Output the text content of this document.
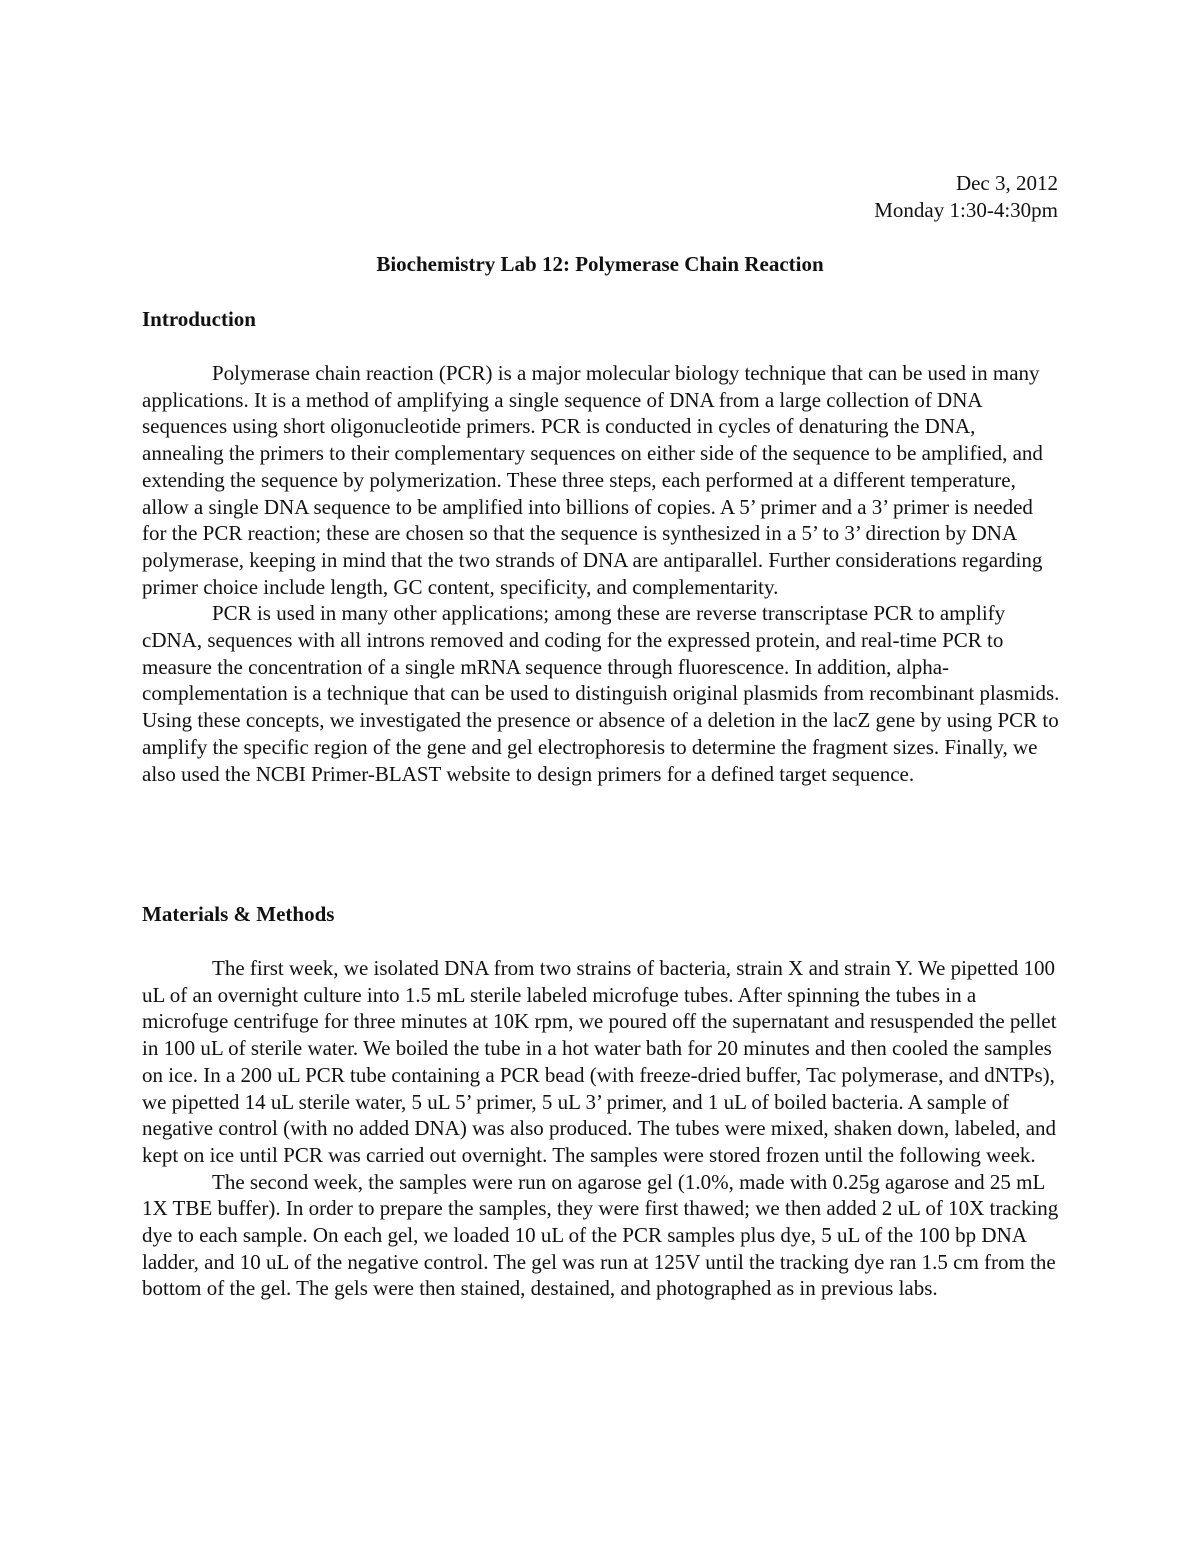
Dec 3, 2012
Monday 1:30-4:30pm
Biochemistry Lab 12: Polymerase Chain Reaction
Introduction

Polymerase chain reaction (PCR) is a major molecular biology technique that can be used in many applications. It is a method of amplifying a single sequence of DNA from a large collection of DNA sequences using short oligonucleotide primers. PCR is conducted in cycles of denaturing the DNA, annealing the primers to their complementary sequences on either side of the sequence to be amplified, and extending the sequence by polymerization. These three steps, each performed at a different temperature, allow a single DNA sequence to be amplified into billions of copies. A 5’ primer and a 3’ primer is needed for the PCR reaction; these are chosen so that the sequence is synthesized in a 5’ to 3’ direction by DNA polymerase, keeping in mind that the two strands of DNA are antiparallel. Further considerations regarding primer choice include length, GC content, specificity, and complementarity.

PCR is used in many other applications; among these are reverse transcriptase PCR to amplify cDNA, sequences with all introns removed and coding for the expressed protein, and real-time PCR to measure the concentration of a single mRNA sequence through fluorescence. In addition, alpha-complementation is a technique that can be used to distinguish original plasmids from recombinant plasmids. Using these concepts, we investigated the presence or absence of a deletion in the lacZ gene by using PCR to amplify the specific region of the gene and gel electrophoresis to determine the fragment sizes. Finally, we also used the NCBI Primer-BLAST website to design primers for a defined target sequence.

Materials & Methods

The first week, we isolated DNA from two strains of bacteria, strain X and strain Y. We pipetted 100 uL of an overnight culture into 1.5 mL sterile labeled microfuge tubes. After spinning the tubes in a microfuge centrifuge for three minutes at 10K rpm, we poured off the supernatant and resuspended the pellet in 100 uL of sterile water. We boiled the tube in a hot water bath for 20 minutes and then cooled the samples on ice. In a 200 uL PCR tube containing a PCR bead (with freeze-dried buffer, Tac polymerase, and dNTPs), we pipetted 14 uL sterile water, 5 uL 5’ primer, 5 uL 3’ primer, and 1 uL of boiled bacteria. A sample of negative control (with no added DNA) was also produced. The tubes were mixed, shaken down, labeled, and kept on ice until PCR was carried out overnight. The samples were stored frozen until the following week.

The second week, the samples were run on agarose gel (1.0%, made with 0.25g agarose and 25 mL 1X TBE buffer). In order to prepare the samples, they were first thawed; we then added 2 uL of 10X tracking dye to each sample. On each gel, we loaded 10 uL of the PCR samples plus dye, 5 uL of the 100 bp DNA ladder, and 10 uL of the negative control. The gel was run at 125V until the tracking dye ran 1.5 cm from the bottom of the gel. The gels were then stained, destained, and photographed as in previous labs.
